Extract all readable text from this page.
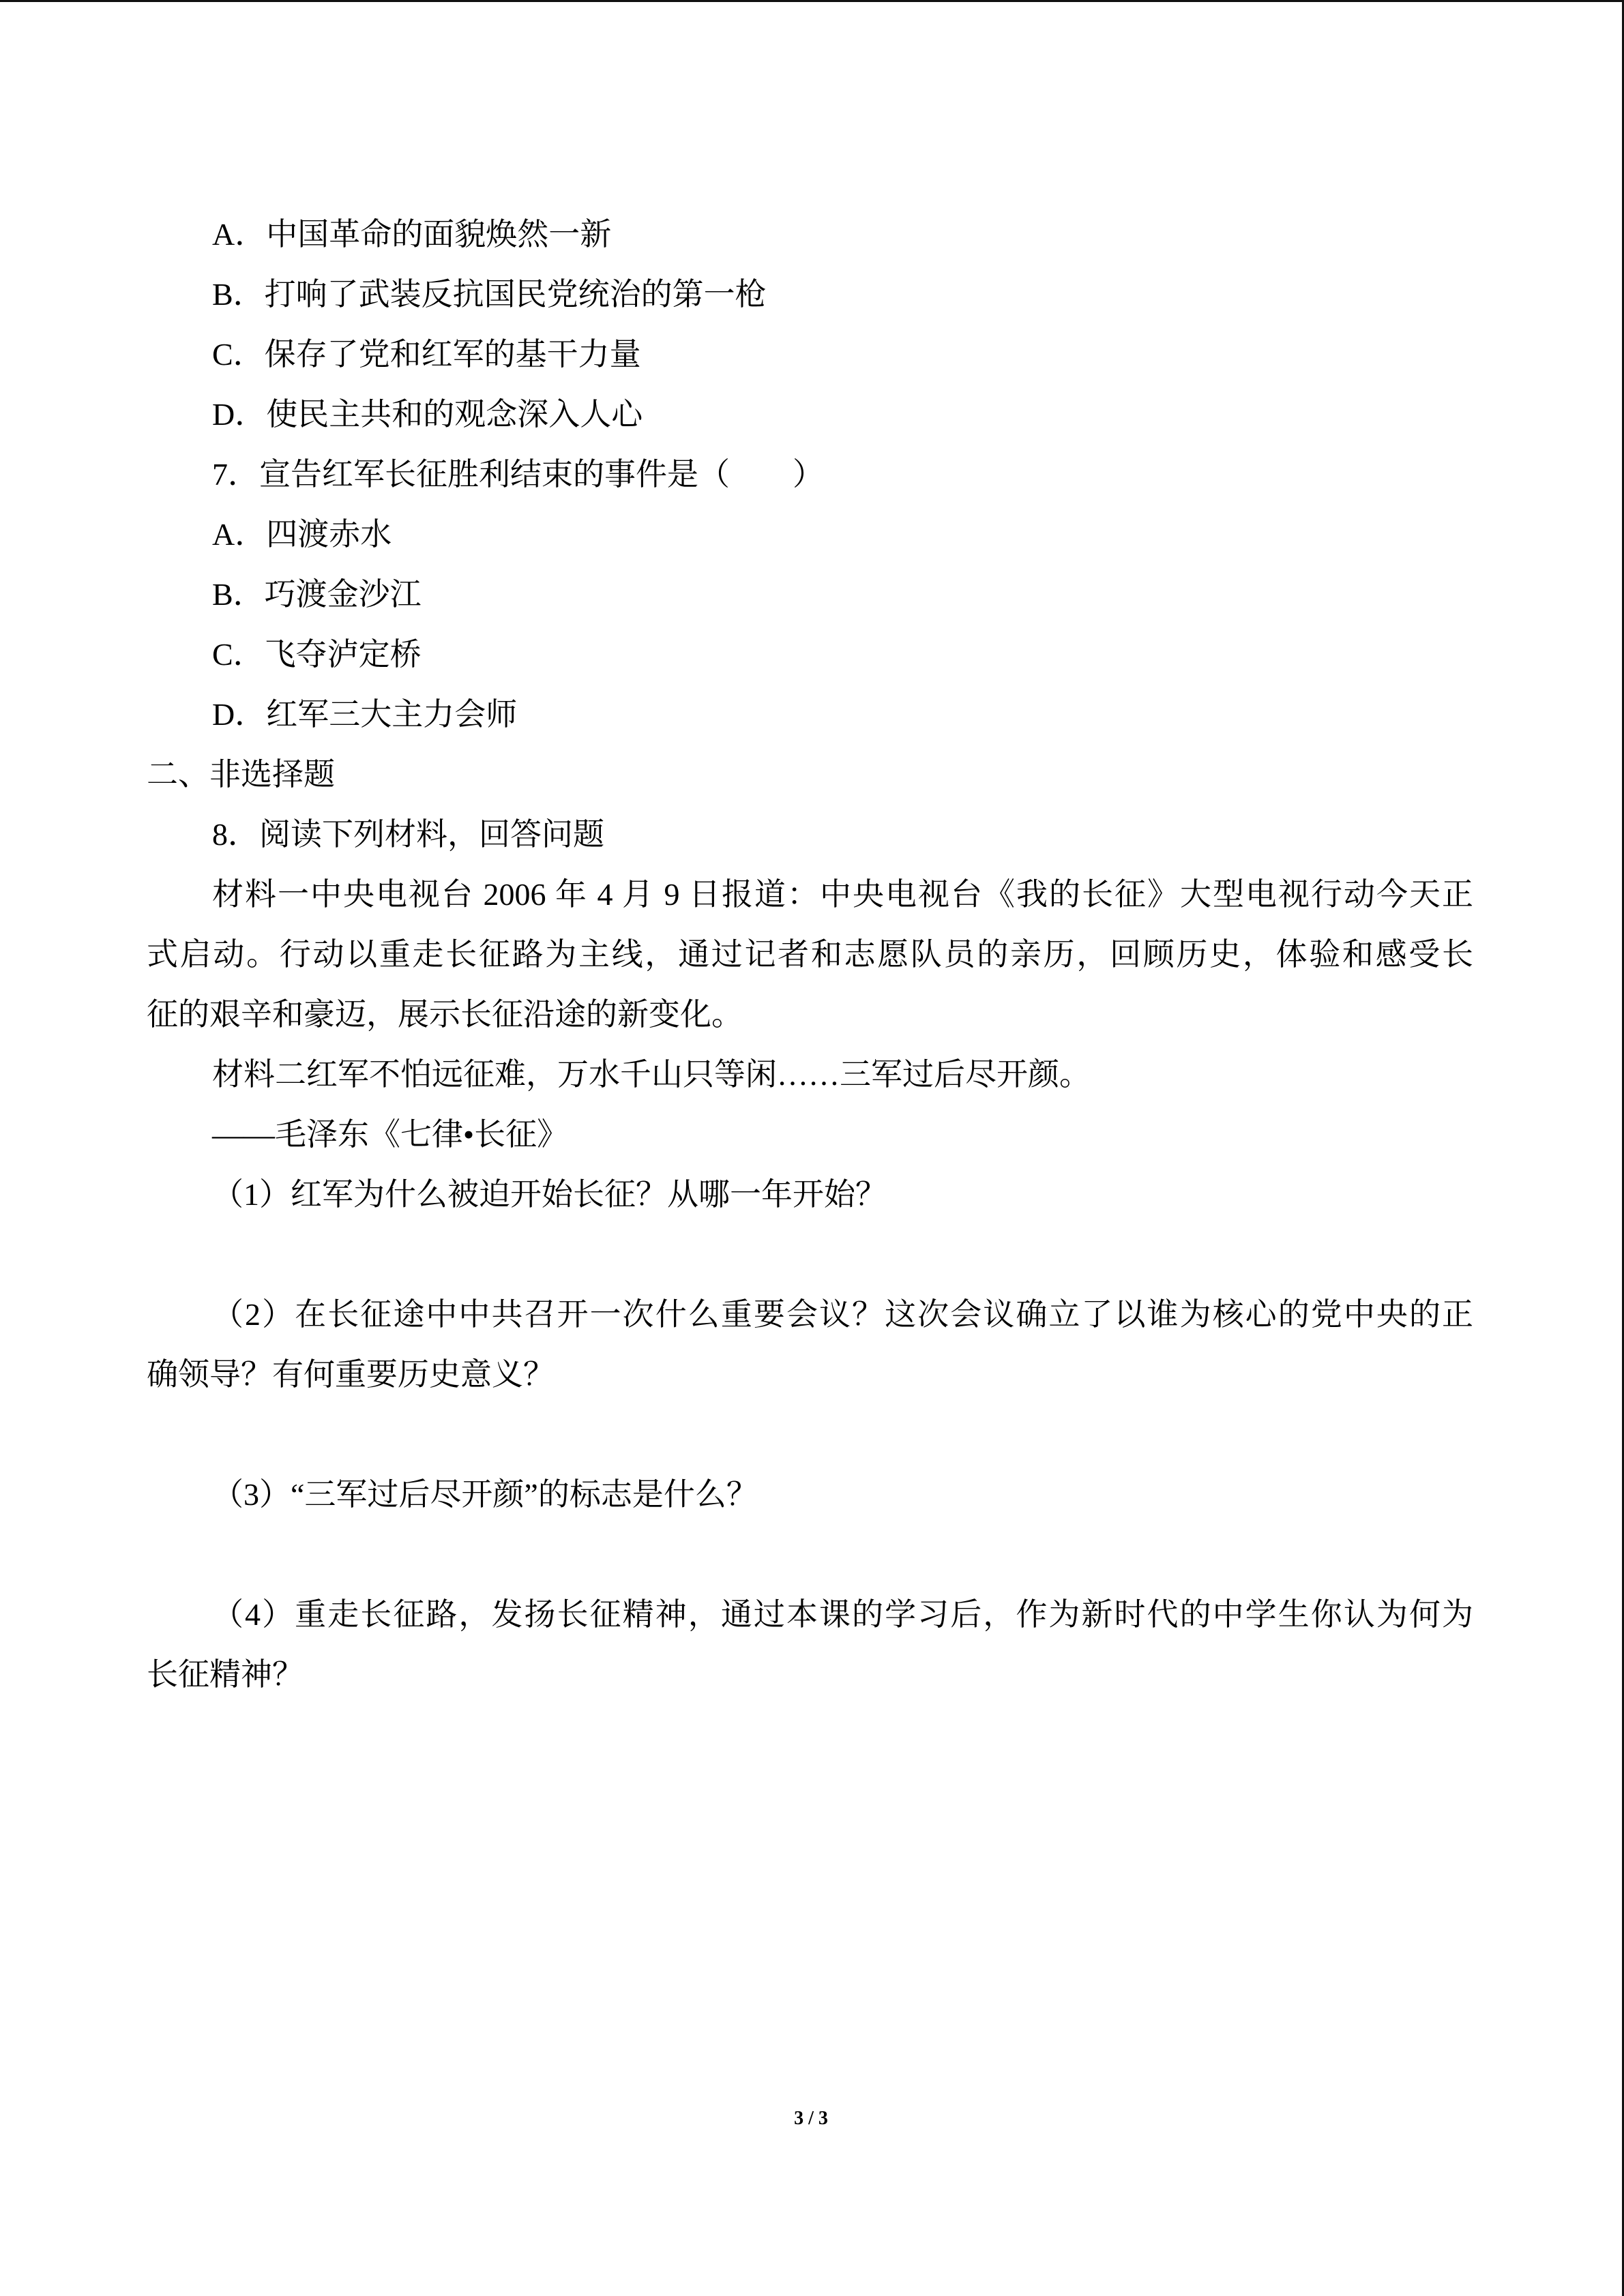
A．中国革命的面貌焕然一新
B．打响了武装反抗国民党统治的第一枪
C．保存了党和红军的基干力量
D．使民主共和的观念深入人心
7．宣告红军长征胜利结束的事件是（　　）
A．四渡赤水
B．巧渡金沙江
C．飞夺泸定桥
D．红军三大主力会师
二、非选择题
8．阅读下列材料，回答问题
材料一中央电视台 2006 年 4 月 9 日报道：中央电视台《我的长征》大型电视行动今天正
式启动。行动以重走长征路为主线，通过记者和志愿队员的亲历，回顾历史，体验和感受长
征的艰辛和豪迈，展示长征沿途的新变化。
材料二红军不怕远征难，万水千山只等闲……三军过后尽开颜。
——毛泽东《七律•长征》
（1）红军为什么被迫开始长征？从哪一年开始？
（2）在长征途中中共召开一次什么重要会议？这次会议确立了以谁为核心的党中央的正
确领导？有何重要历史意义？
（3）“三军过后尽开颜”的标志是什么？
（4）重走长征路，发扬长征精神，通过本课的学习后，作为新时代的中学生你认为何为
长征精神？
3 / 3
